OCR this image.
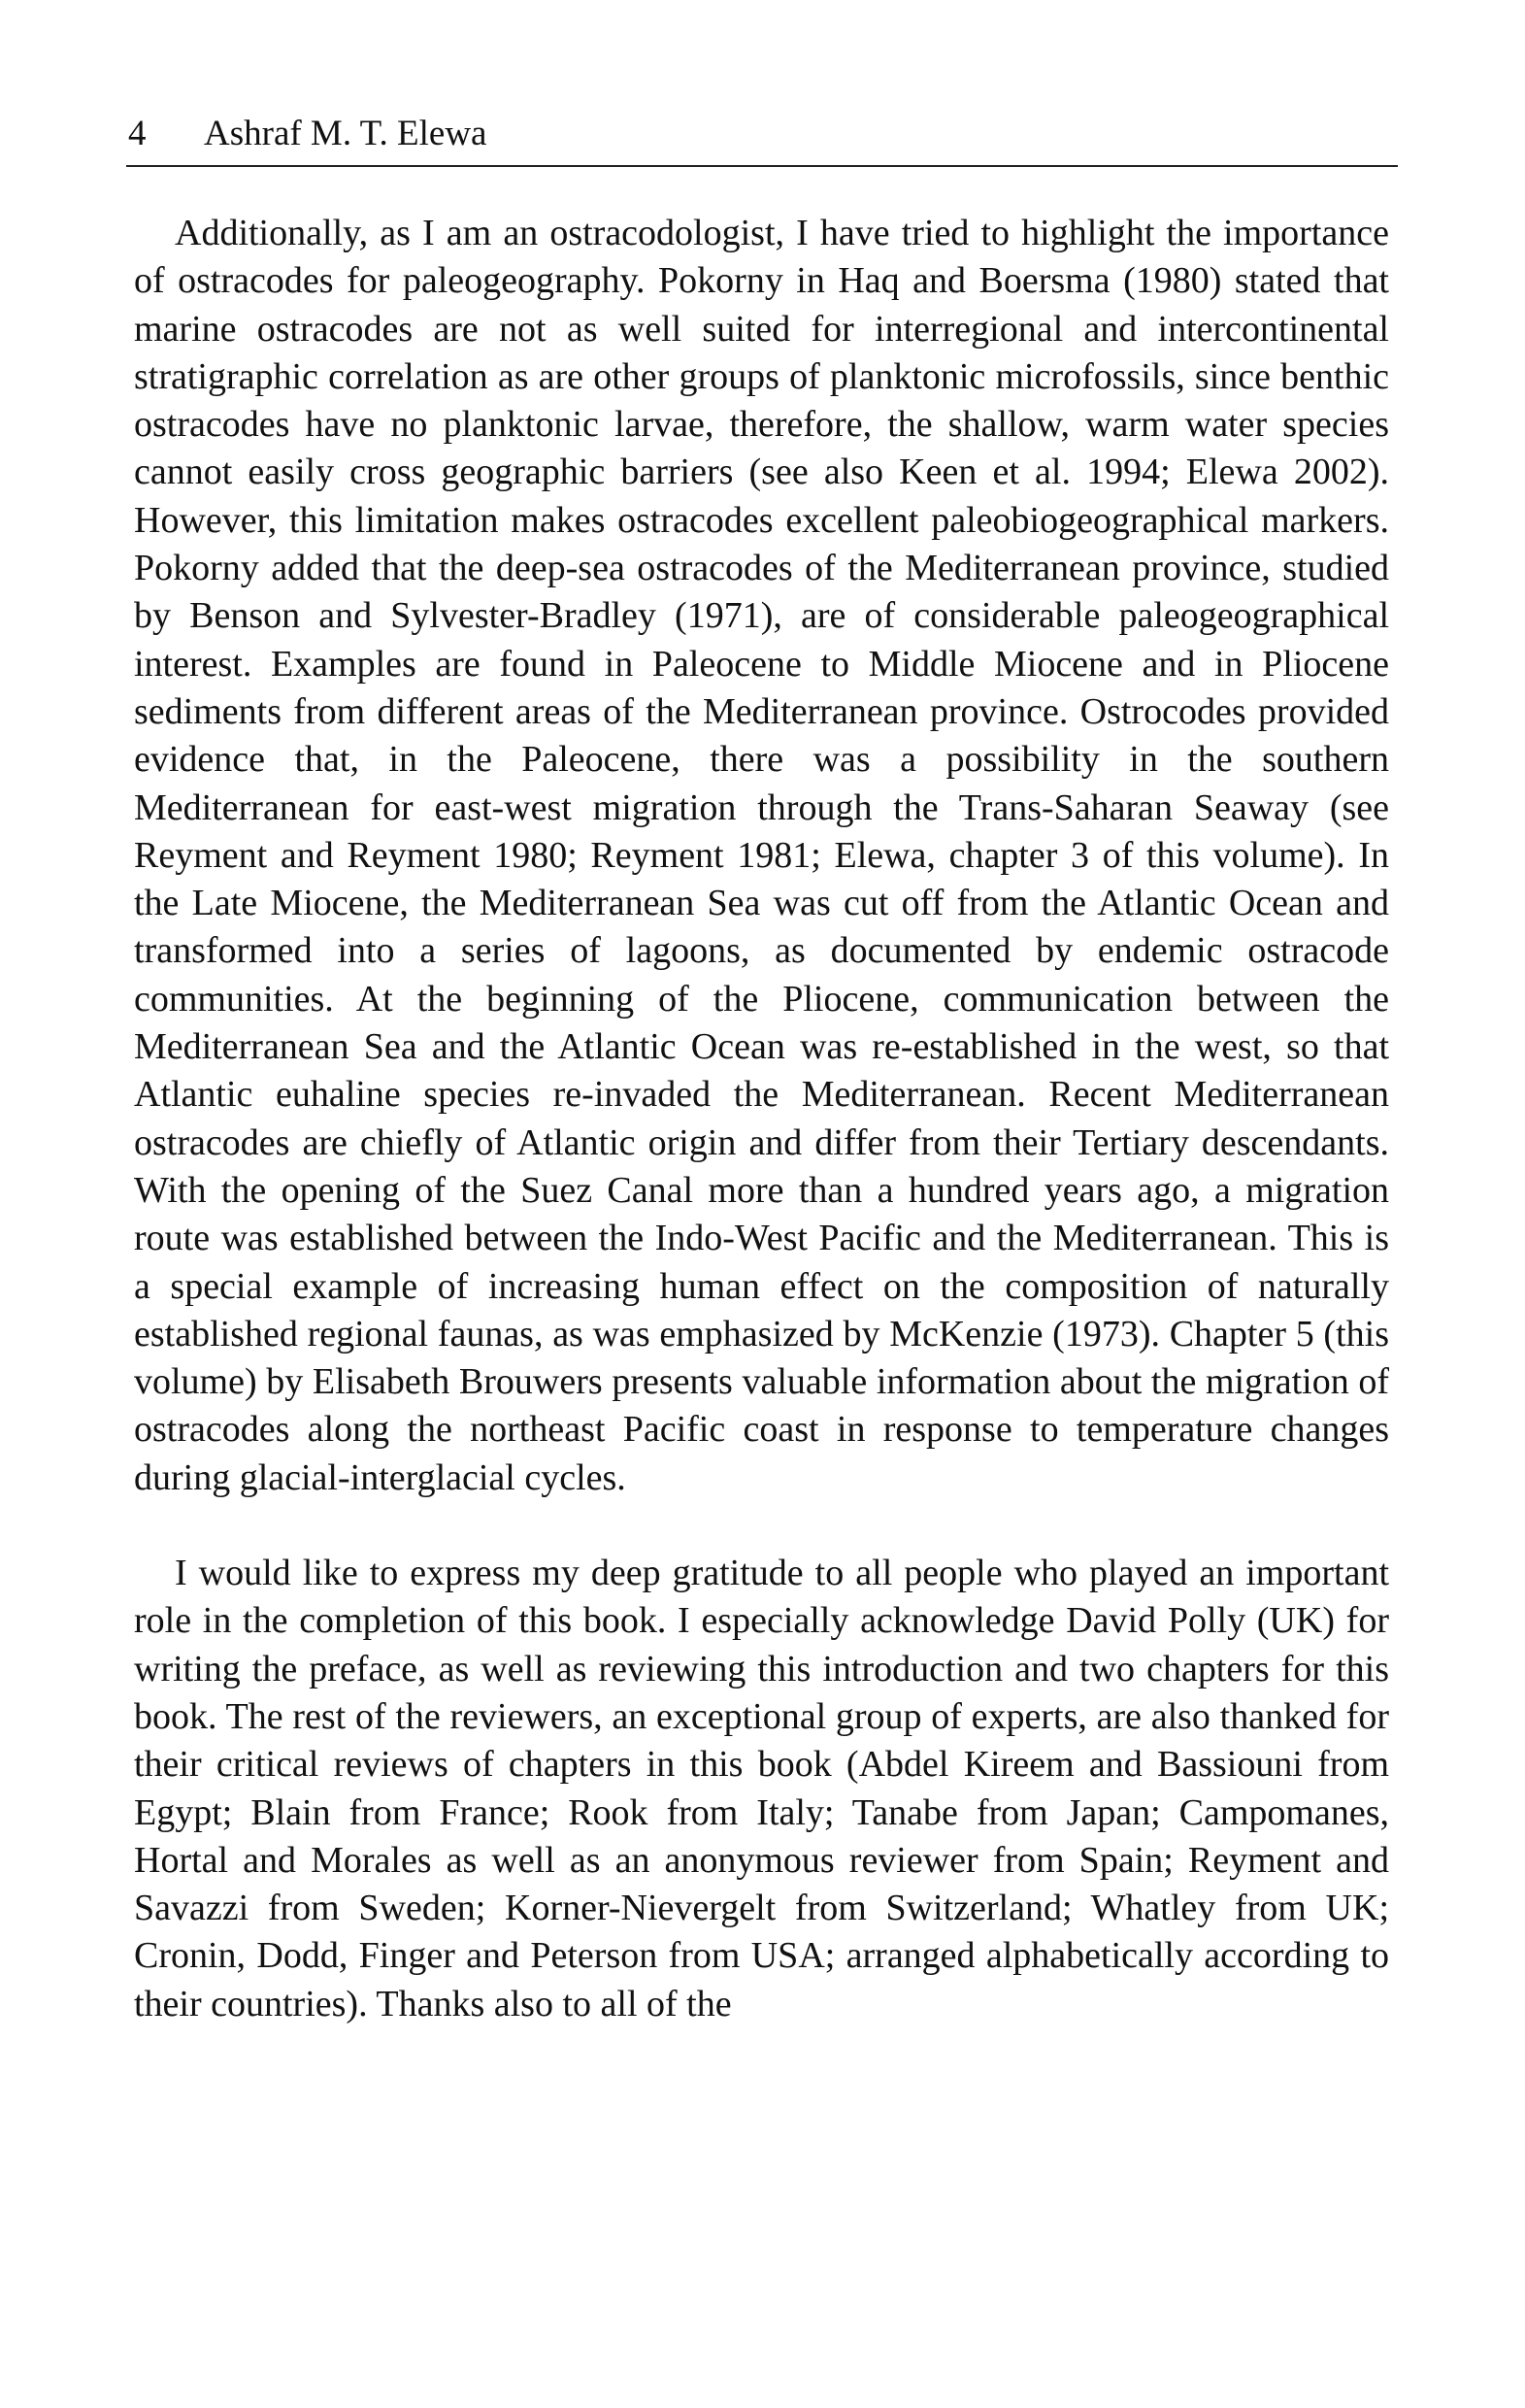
4 Ashraf M. T. Elewa

Additionally, as I am an ostracodologist, I have tried to highlight the importance of ostracodes for paleogeography. Pokorny in Haq and Boersma (1980) stated that marine ostracodes are not as well suited for interregional and intercontinental stratigraphic correlation as are other groups of planktonic microfossils, since benthic ostracodes have no planktonic larvae, therefore, the shallow, warm water species cannot easily cross geographic barriers (see also Keen et al. 1994; Elewa 2002). However, this limitation makes ostracodes excellent paleobiogeographical markers. Pokorny added that the deep-sea ostracodes of the Mediterranean province, studied by Benson and Sylvester-Bradley (1971), are of considerable paleogeographical interest. Examples are found in Paleocene to Middle Miocene and in Pliocene sediments from different areas of the Mediterranean province. Ostrocodes provided evidence that, in the Paleocene, there was a possibility in the southern Mediterranean for east-west migration through the Trans-Saharan Seaway (see Reyment and Reyment 1980; Reyment 1981; Elewa, chapter 3 of this volume). In the Late Miocene, the Mediterranean Sea was cut off from the Atlantic Ocean and transformed into a series of lagoons, as documented by endemic ostracode communities. At the beginning of the Pliocene, communication between the Mediterranean Sea and the Atlantic Ocean was re-established in the west, so that Atlantic euhaline species re-invaded the Mediterranean. Recent Mediterranean ostracodes are chiefly of Atlantic origin and differ from their Tertiary descendants. With the opening of the Suez Canal more than a hundred years ago, a migration route was established between the Indo-West Pacific and the Mediterranean. This is a special example of increasing human effect on the composition of naturally established regional faunas, as was emphasized by McKenzie (1973). Chapter 5 (this volume) by Elisabeth Brouwers presents valuable information about the migration of ostracodes along the northeast Pacific coast in response to temperature changes during glacial-interglacial cycles.

I would like to express my deep gratitude to all people who played an important role in the completion of this book. I especially acknowledge David Polly (UK) for writing the preface, as well as reviewing this introduction and two chapters for this book. The rest of the reviewers, an exceptional group of experts, are also thanked for their critical reviews of chapters in this book (Abdel Kireem and Bassiouni from Egypt; Blain from France; Rook from Italy; Tanabe from Japan; Campomanes, Hortal and Morales as well as an anonymous reviewer from Spain; Reyment and Savazzi from Sweden; Korner-Nievergelt from Switzerland; Whatley from UK; Cronin, Dodd, Finger and Peterson from USA; arranged alphabetically according to their countries). Thanks also to all of the
